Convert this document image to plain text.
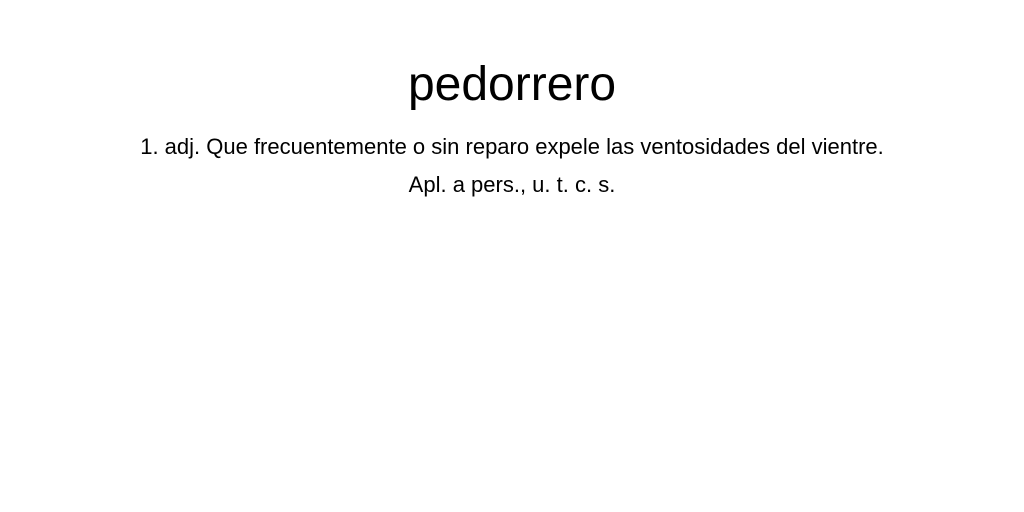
pedorrero
1. adj. Que frecuentemente o sin reparo expele las ventosidades del vientre.
Apl. a pers., u. t. c. s.
